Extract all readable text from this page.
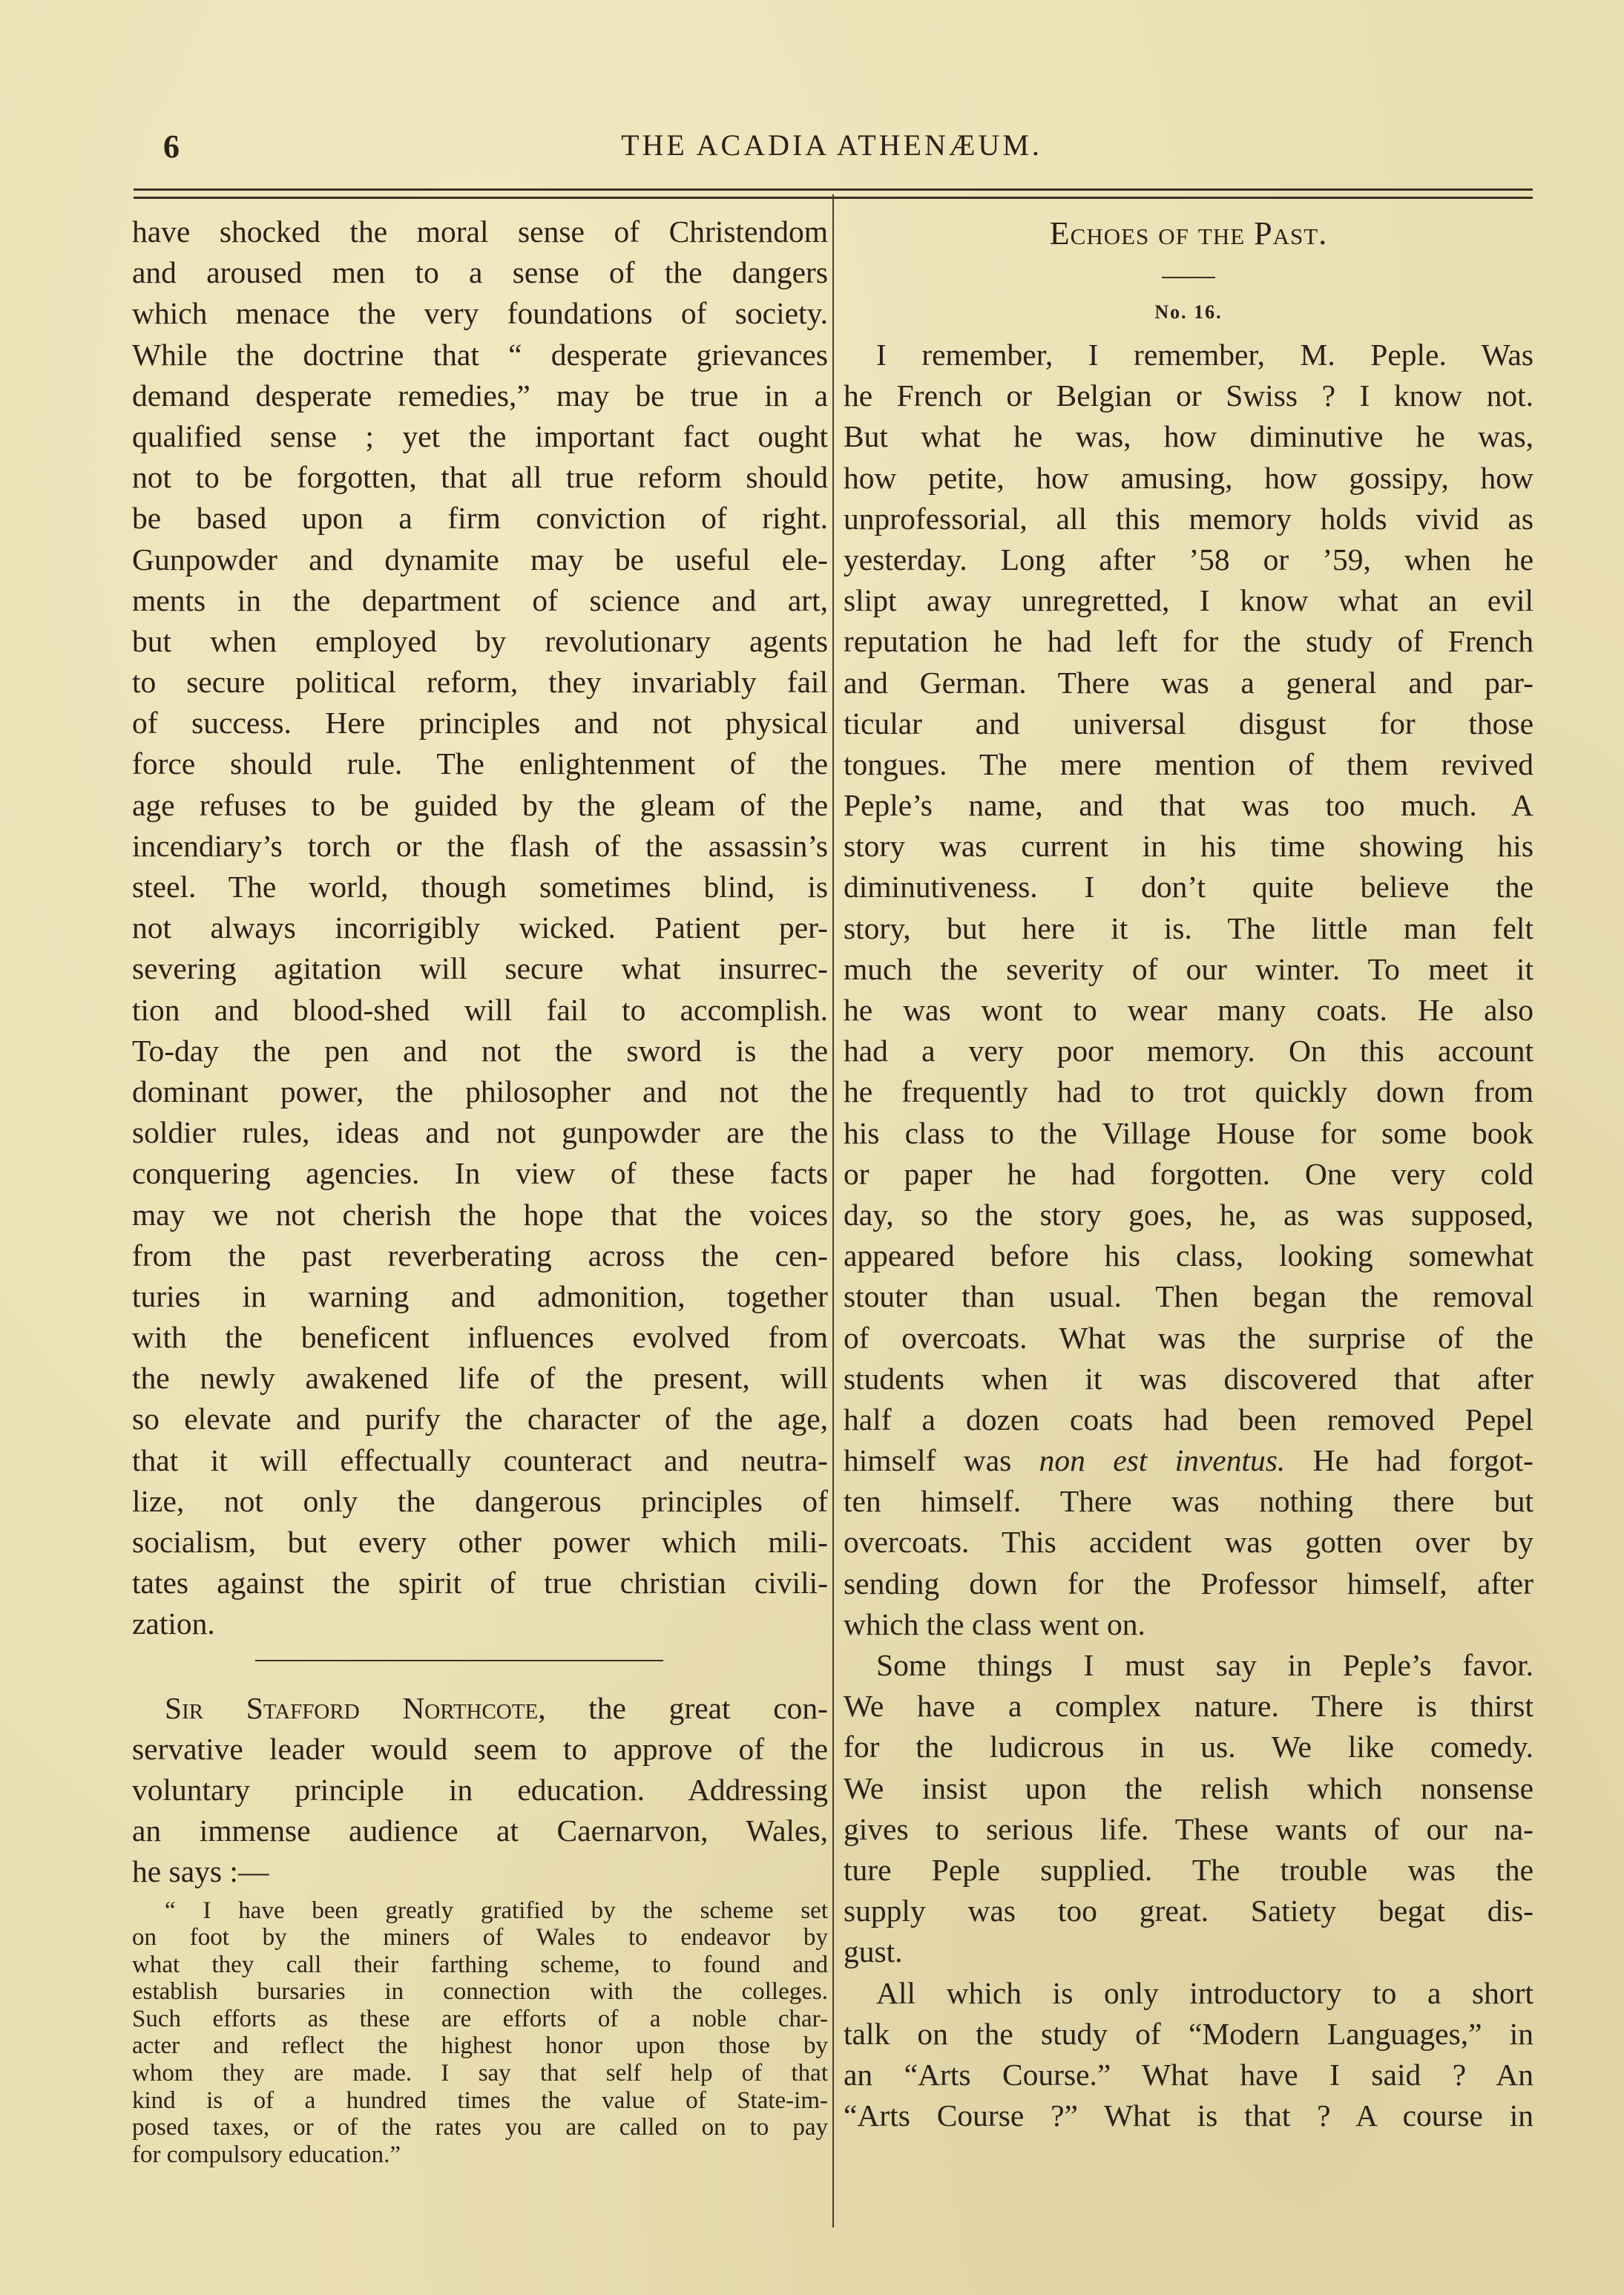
6	THE ACADIA ATHENÆUM.
have shocked the moral sense of Christendom
and aroused men to a sense of the dangers
which menace the very foundations of society.
While the doctrine that “ desperate grievances
demand desperate remedies,” may be true in a
qualified sense ; yet the important fact ought
not to be forgotten, that all true reform should
be based upon a firm conviction of right.
Gunpowder and dynamite may be useful ele-
ments in the department of science and art,
but when employed by revolutionary agents
to secure political reform, they invariably fail
of success. Here principles and not physical
force should rule. The enlightenment of the
age refuses to be guided by the gleam of the
incendiary’s torch or the flash of the assassin’s
steel. The world, though sometimes blind, is
not always incorrigibly wicked. Patient per-
severing agitation will secure what insurrec-
tion and blood-shed will fail to accomplish.
To-day the pen and not the sword is the
dominant power, the philosopher and not the
soldier rules, ideas and not gunpowder are the
conquering agencies. In view of these facts
may we not cherish the hope that the voices
from the past reverberating across the cen-
turies in warning and admonition, together
with the beneficent influences evolved from
the newly awakened life of the present, will
so elevate and purify the character of the age,
that it will effectually counteract and neutra-
lize, not only the dangerous principles of
socialism, but every other power which mili-
tates against the spirit of true christian civili-
zation.
Sir Stafford Northcote, the great con-
servative leader would seem to approve of the
voluntary principle in education. Addressing
an immense audience at Caernarvon, Wales,
he says :—
“ I have been greatly gratified by the scheme set
on foot by the miners of Wales to endeavor by
what they call their farthing scheme, to found and
establish bursaries in connection with the colleges.
Such efforts as these are efforts of a noble char-
acter and reflect the highest honor upon those by
whom they are made. I say that self help of that
kind is of a hundred times the value of State-im-
posed taxes, or of the rates you are called on to pay
for compulsory education.”
Echoes of the Past.
No. 16.
I remember, I remember, M. Peple. Was
he French or Belgian or Swiss ? I know not.
But what he was, how diminutive he was,
how petite, how amusing, how gossipy, how
unprofessorial, all this memory holds vivid as
yesterday. Long after ’58 or ’59, when he
slipt away unregretted, I know what an evil
reputation he had left for the study of French
and German. There was a general and par-
ticular and universal disgust for those
tongues. The mere mention of them revived
Peple’s name, and that was too much. A
story was current in his time showing his
diminutiveness. I don’t quite believe the
story, but here it is. The little man felt
much the severity of our winter. To meet it
he was wont to wear many coats. He also
had a very poor memory. On this account
he frequently had to trot quickly down from
his class to the Village House for some book
or paper he had forgotten. One very cold
day, so the story goes, he, as was supposed,
appeared before his class, looking somewhat
stouter than usual. Then began the removal
of overcoats. What was the surprise of the
students when it was discovered that after
half a dozen coats had been removed Pepel
himself was non est inventus. He had forgot-
ten himself. There was nothing there but
overcoats. This accident was gotten over by
sending down for the Professor himself, after
which the class went on.
Some things I must say in Peple’s favor.
We have a complex nature. There is thirst
for the ludicrous in us. We like comedy.
We insist upon the relish which nonsense
gives to serious life. These wants of our na-
ture Peple supplied. The trouble was the
supply was too great. Satiety begat dis-
gust.
All which is only introductory to a short
talk on the study of “Modern Languages,” in
an “Arts Course.” What have I said ? An
“Arts Course ?” What is that ? A course in
